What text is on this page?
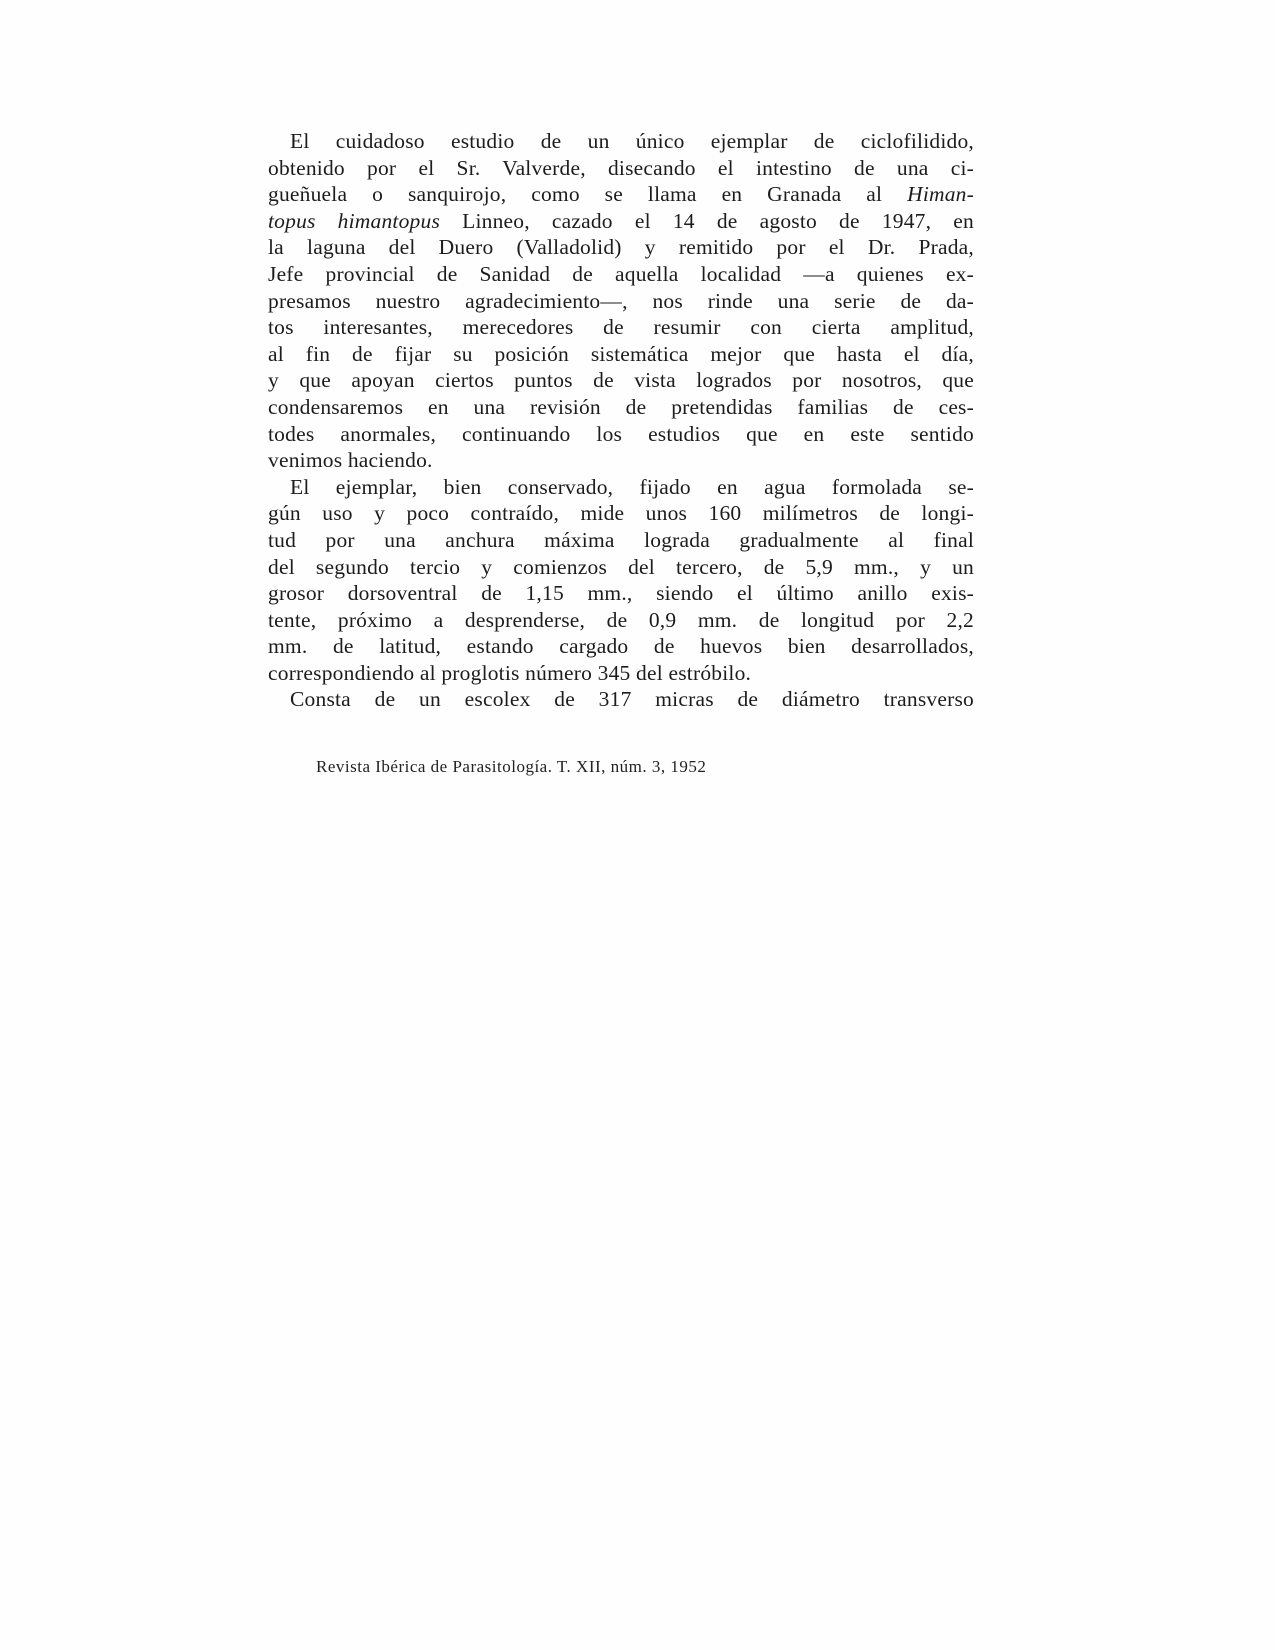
El cuidadoso estudio de un único ejemplar de ciclofilidido,
obtenido por el Sr. Valverde, disecando el intestino de una ci-
gueñuela o sanquirojo, como se llama en Granada al Himan-
topus himantopus Linneo, cazado el 14 de agosto de 1947, en
la laguna del Duero (Valladolid) y remitido por el Dr. Prada,
Jefe provincial de Sanidad de aquella localidad —a quienes ex-
presamos nuestro agradecimiento—, nos rinde una serie de da-
tos interesantes, merecedores de resumir con cierta amplitud,
al fin de fijar su posición sistemática mejor que hasta el día,
y que apoyan ciertos puntos de vista logrados por nosotros, que
condensaremos en una revisión de pretendidas familias de ces-
todes anormales, continuando los estudios que en este sentido
venimos haciendo.
El ejemplar, bien conservado, fijado en agua formolada se-
gún uso y poco contraído, mide unos 160 milímetros de longi-
tud por una anchura máxima lograda gradualmente al final
del segundo tercio y comienzos del tercero, de 5,9 mm., y un
grosor dorsoventral de 1,15 mm., siendo el último anillo exis-
tente, próximo a desprenderse, de 0,9 mm. de longitud por 2,2
mm. de latitud, estando cargado de huevos bien desarrollados,
correspondiendo al proglotis número 345 del estróbilo.
Consta de un escolex de 317 micras de diámetro transverso
Revista Ibérica de Parasitología. T. XII, núm. 3, 1952
